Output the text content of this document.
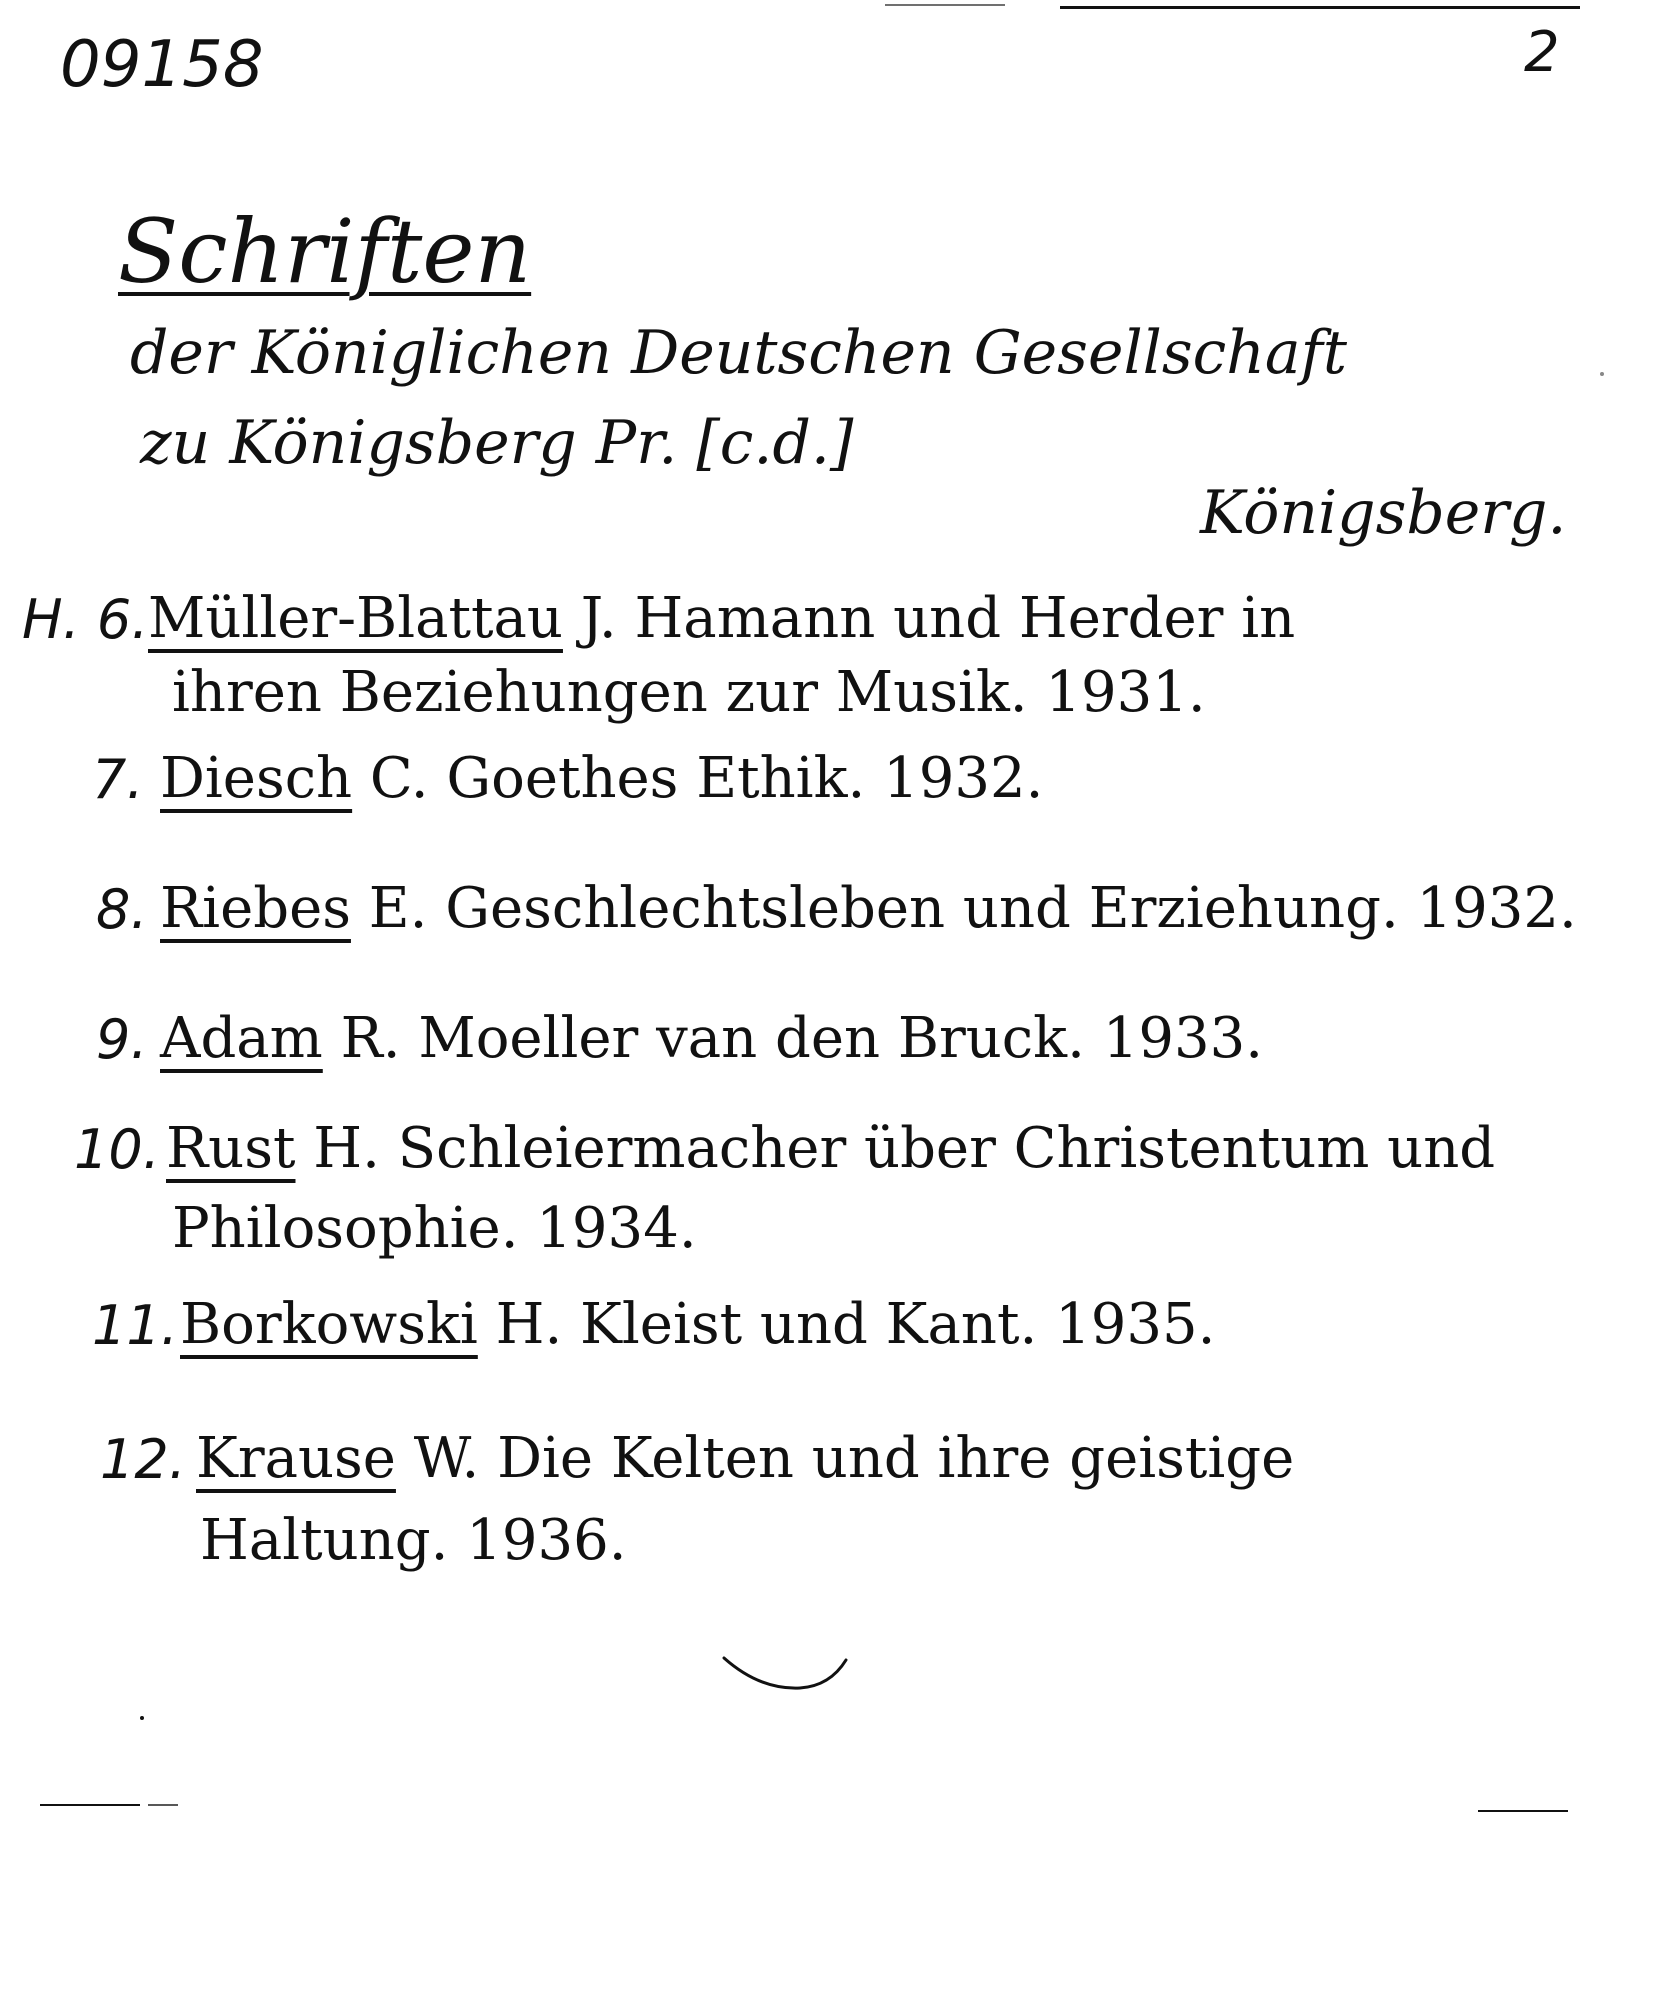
09158	2
Schriften
der Königlichen Deutschen Gesellschaft
zu Königsberg Pr. [c.d.]
Königsberg.
H. 6. Müller-Blattau J. Hamann und Herder in
ihren Beziehungen zur Musik. 1931.
7. Diesch C. Goethes Ethik. 1932.
8. Riebes E. Geschlechtsleben und Erziehung. 1932.
9. Adam R. Moeller van den Bruck. 1933.
10. Rust H. Schleiermacher über Christentum und
Philosophie. 1934.
11. Borkowski H. Kleist und Kant. 1935.
12. Krause W. Die Kelten und ihre geistige
Haltung. 1936.
